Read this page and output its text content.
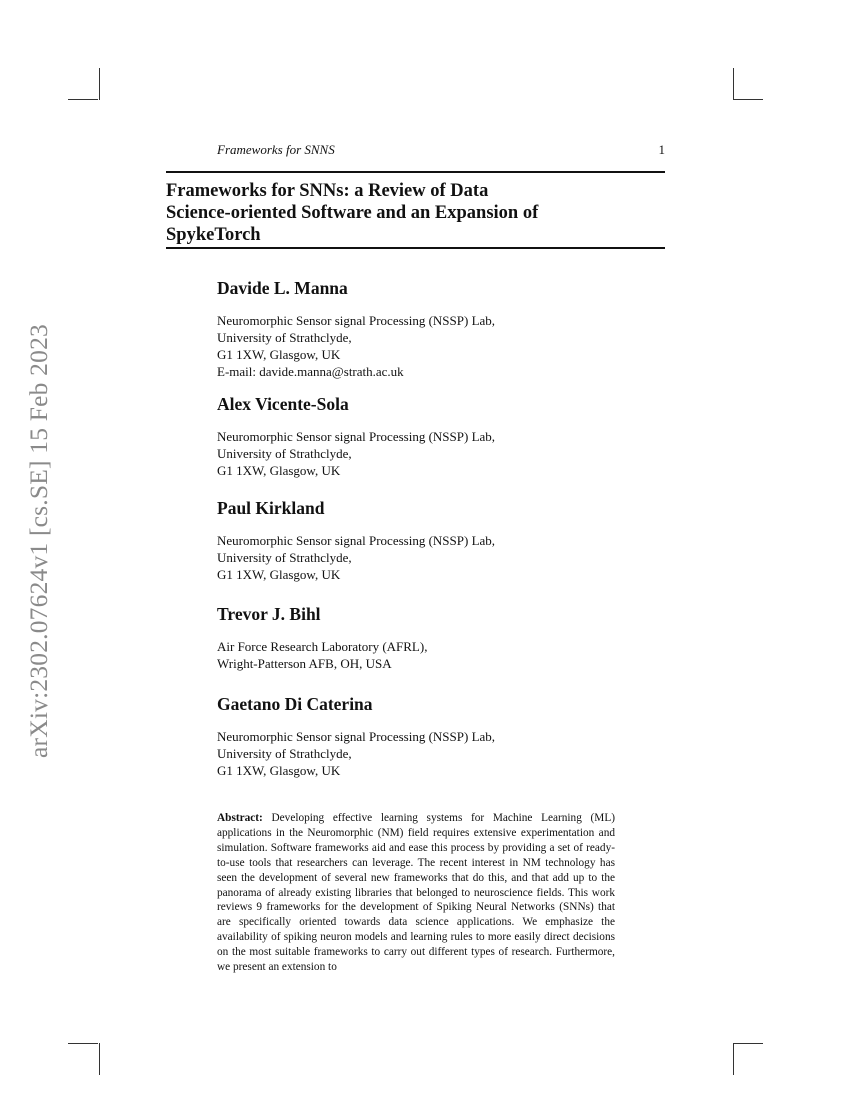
arXiv:2302.07624v1 [cs.SE] 15 Feb 2023
Frameworks for SNNS	1
Frameworks for SNNs: a Review of Data
Science-oriented Software and an Expansion of
SpykeTorch
Davide L. Manna
Neuromorphic Sensor signal Processing (NSSP) Lab,
University of Strathclyde,
G1 1XW, Glasgow, UK
E-mail: davide.manna@strath.ac.uk
Alex Vicente-Sola
Neuromorphic Sensor signal Processing (NSSP) Lab,
University of Strathclyde,
G1 1XW, Glasgow, UK
Paul Kirkland
Neuromorphic Sensor signal Processing (NSSP) Lab,
University of Strathclyde,
G1 1XW, Glasgow, UK
Trevor J. Bihl
Air Force Research Laboratory (AFRL),
Wright-Patterson AFB, OH, USA
Gaetano Di Caterina
Neuromorphic Sensor signal Processing (NSSP) Lab,
University of Strathclyde,
G1 1XW, Glasgow, UK
Abstract: Developing effective learning systems for Machine Learning (ML) applications in the Neuromorphic (NM) field requires extensive experimentation and simulation. Software frameworks aid and ease this process by providing a set of ready-to-use tools that researchers can leverage. The recent interest in NM technology has seen the development of several new frameworks that do this, and that add up to the panorama of already existing libraries that belonged to neuroscience fields. This work reviews 9 frameworks for the development of Spiking Neural Networks (SNNs) that are specifically oriented towards data science applications. We emphasize the availability of spiking neuron models and learning rules to more easily direct decisions on the most suitable frameworks to carry out different types of research. Furthermore, we present an extension to
